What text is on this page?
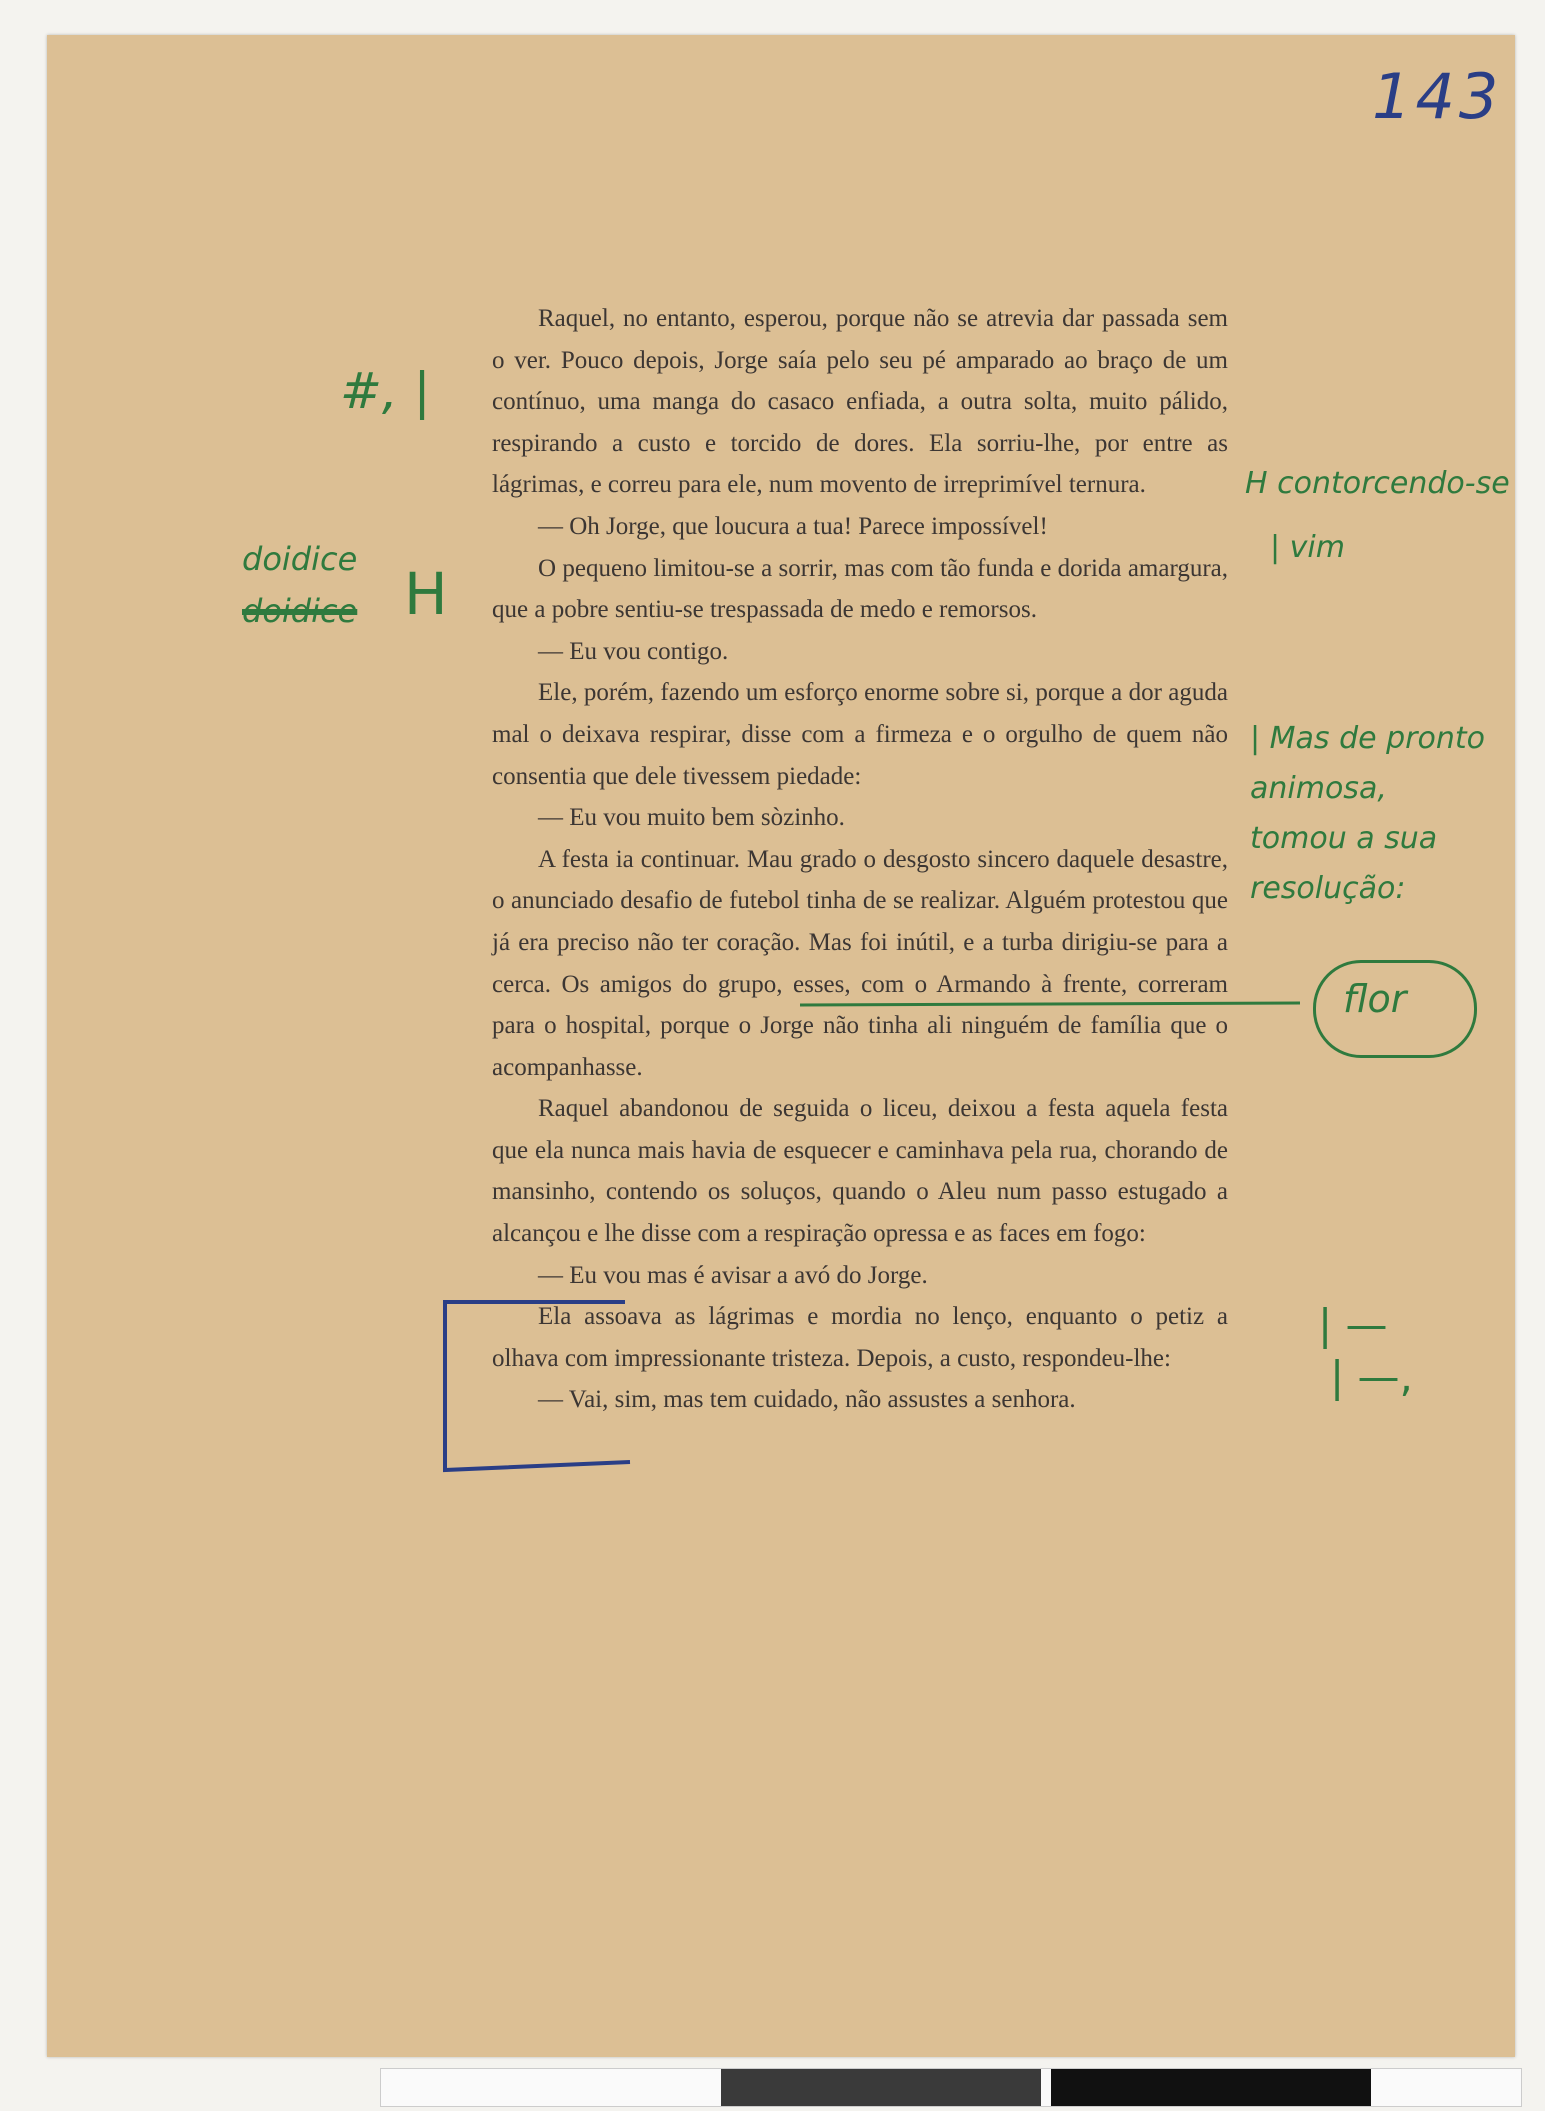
143

Raquel, no entanto, esperou, porque não se atrevia dar passada sem o ver. Pouco depois, Jorge saía pelo seu pé amparado ao braço de um contínuo, uma manga do casaco enfiada, a outra solta, muito pálido, respirando a custo e torcido de dores. Ela sorriu-lhe, por entre as lágrimas, e correu para ele, num movento de irreprimível ternura.

— Oh Jorge, que loucura a tua! Parece impossível!

O pequeno limitou-se a sorrir, mas com tão funda e dorida amargura, que a pobre sentiu-se trespassada de medo e remorsos.

— Eu vou contigo.

Ele, porém, fazendo um esforço enorme sobre si, porque a dor aguda mal o deixava respirar, disse com a firmeza e o orgulho de quem não consentia que dele tivessem piedade:

— Eu vou muito bem sòzinho.

A festa ia continuar. Mau grado o desgosto sincero daquele desastre, o anunciado desafio de futebol tinha de se realizar. Alguém protestou que já era preciso não ter coração. Mas foi inútil, e a turba dirigiu-se para a cerca. Os amigos do grupo, esses, com o Armando à frente, correram para o hospital, porque o Jorge não tinha ali ninguém de família que o acompanhasse.

Raquel abandonou de seguida o liceu, deixou a festa aquela festa que ela nunca mais havia de esquecer e caminhava pela rua, chorando de mansinho, contendo os soluços, quando o Aleu num passo estugado a alcançou e lhe disse com a respiração opressa e as faces em fogo:

— Eu vou mas é avisar a avó do Jorge.

Ela assoava as lágrimas e mordia no lenço, enquanto o petiz a olhava com impressionante tristeza. Depois, a custo, respondeu-lhe:

— Vai, sim, mas tem cuidado, não assustes a senhora.

#, |
doidice
doidice H
H contorcendo-se
| vim
| Mas de pronto animosa, tomou a sua resolução:
flor
| —
| —,
